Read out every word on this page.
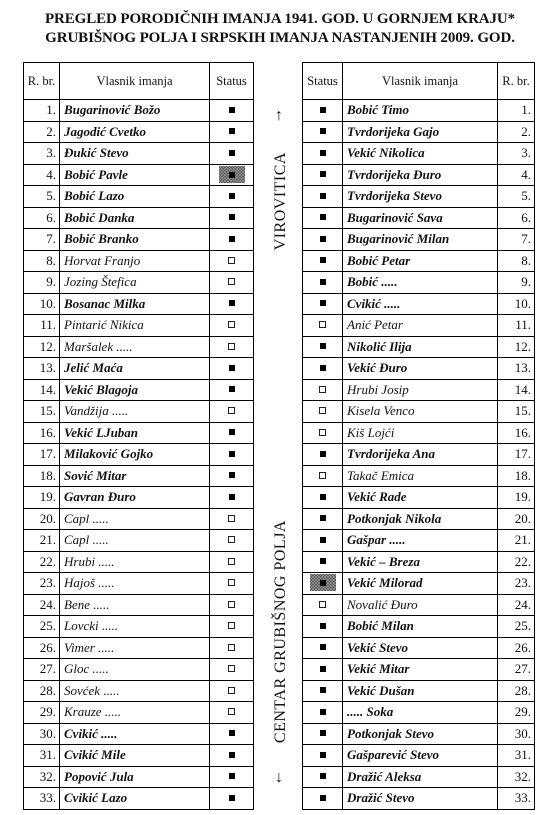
PREGLED PORODIČNIH IMANJA 1941. GOD. U GORNJEM KRAJU*
GRUBIŠNOG POLJA I SRPSKIH IMANJA NASTANJENIH 2009. GOD.
R. br.	Vlasnik imanja	Status
1.	Bugarinović Božo	
2.	Jagodić Cvetko	
3.	Đukić Stevo	
4.	Bobić Pavle	
5.	Bobić Lazo	
6.	Bobić Danka	
7.	Bobić Branko	
8.	Horvat Franjo	
9.	Jozing Štefica	
10.	Bosanac Milka	
11.	Pintarić Nikica	
12.	Maršalek .....	
13.	Jelić Maća	
14.	Vekić Blagoja	
15.	Vandžija .....	
16.	Vekić LJuban	
17.	Milaković Gojko	
18.	Sović Mitar	
19.	Gavran Đuro	
20.	Capl .....	
21.	Capl .....	
22.	Hrubi .....	
23.	Hajoš .....	
24.	Bene .....	
25.	Lovcki .....	
26.	Vimer .....	
27.	Gloc .....	
28.	Sovćek .....	
29.	Krauze .....	
30.	Cvikić .....	
31.	Cvikić Mile	
32.	Popović Jula	
33.	Cvikić Lazo	
Status	Vlasnik imanja	R. br.
	Bobić Timo	1.
	Tvrdorijeka Gajo	2.
	Vekić Nikolica	3.
	Tvrdorijeka Đuro	4.
	Tvrdorijeka Stevo	5.
	Bugarinović Sava	6.
	Bugarinović Milan	7.
	Bobić Petar	8.
	Bobić .....	9.
	Cvikić .....	10.
	Anić Petar	11.
	Nikolić Ilija	12.
	Vekić Đuro	13.
	Hrubi Josip	14.
	Kisela Venco	15.
	Kiš Lojći	16.
	Tvrdorijeka Ana	17.
	Takač Emica	18.
	Vekić Rade	19.
	Potkonjak Nikola	20.
	Gašpar .....	21.
	Vekić – Breza	22.
	Vekić Milorad	23.
	Novalić Đuro	24.
	Bobić Milan	25.
	Vekić Stevo	26.
	Vekić Mitar	27.
	Vekić Dušan	28.
	..... Soka	29.
	Potkonjak Stevo	30.
	Gašparević Stevo	31.
	Dražić Aleksa	32.
	Dražić Stevo	33.
↑
VIROVITICA
CENTAR GRUBIŠNOG POLJA
↓
